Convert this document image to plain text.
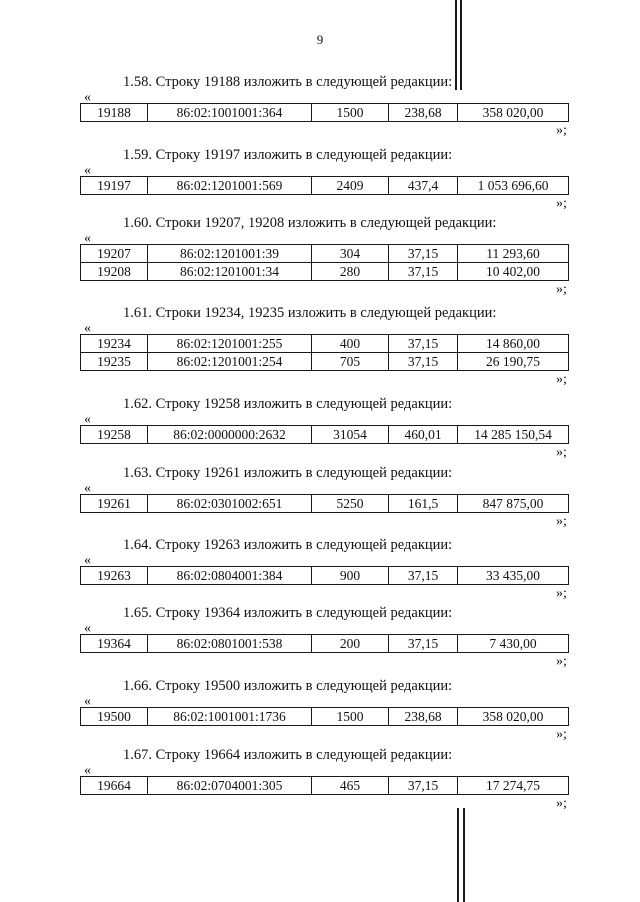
9
1.58. Строку 19188 изложить в следующей редакции:
«
19188	86:02:1001001:364	1500	238,68	358 020,00
»;
1.59. Строку 19197 изложить в следующей редакции:
«
19197	86:02:1201001:569	2409	437,4	1 053 696,60
»;
1.60. Строки 19207, 19208 изложить в следующей редакции:
«
19207	86:02:1201001:39	304	37,15	11 293,60
19208	86:02:1201001:34	280	37,15	10 402,00
»;
1.61. Строки 19234, 19235 изложить в следующей редакции:
«
19234	86:02:1201001:255	400	37,15	14 860,00
19235	86:02:1201001:254	705	37,15	26 190,75
»;
1.62. Строку 19258 изложить в следующей редакции:
«
19258	86:02:0000000:2632	31054	460,01	14 285 150,54
»;
1.63. Строку 19261 изложить в следующей редакции:
«
19261	86:02:0301002:651	5250	161,5	847 875,00
»;
1.64. Строку 19263 изложить в следующей редакции:
«
19263	86:02:0804001:384	900	37,15	33 435,00
»;
1.65. Строку 19364 изложить в следующей редакции:
«
19364	86:02:0801001:538	200	37,15	7 430,00
»;
1.66. Строку 19500 изложить в следующей редакции:
«
19500	86:02:1001001:1736	1500	238,68	358 020,00
»;
1.67. Строку 19664 изложить в следующей редакции:
«
19664	86:02:0704001:305	465	37,15	17 274,75
»;
